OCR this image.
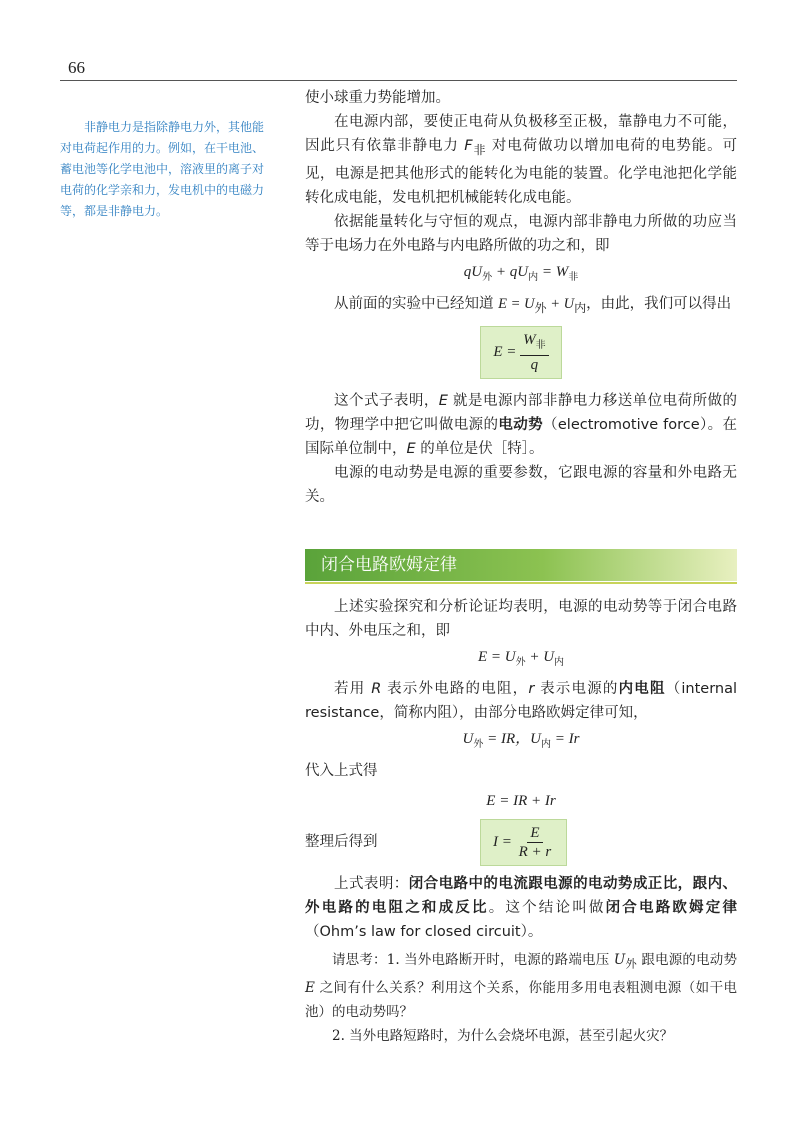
66
非静电力是指除静电力外，其他能对电荷起作用的力。例如，在干电池、蓄电池等化学电池中，溶液里的离子对电荷的化学亲和力，发电机中的电磁力等，都是非静电力。

使小球重力势能增加。

在电源内部，要使正电荷从负极移至正极，靠静电力不可能，因此只有依靠非静电力 $F_非$ 对电荷做功以增加电荷的电势能。可见，电源是把其他形式的能转化为电能的装置。化学电池把化学能转化成电能，发电机把机械能转化成电能。

依据能量转化与守恒的观点，电源内部非静电力所做的功应当等于电场力在外电路与内电路所做的功之和，即

$qU_外 + qU_内 = W_非$

从前面的实验中已经知道 $E = U_外 + U_内$，由此，我们可以得出

$E = \frac{W_非}{q}$

这个式子表明，E 就是电源内部非静电力移送单位电荷所做的功，物理学中把它叫做电源的电动势（electromotive force）。在国际单位制中，E 的单位是伏［特］。

电源的电动势是电源的重要参数，它跟电源的容量和外电路无关。

闭合电路欧姆定律

上述实验探究和分析论证均表明，电源的电动势等于闭合电路中内、外电压之和，即

$E = U_外 + U_内$

若用 R 表示外电路的电阻，r 表示电源的内电阻（internal resistance，简称内阻），由部分电路欧姆定律可知，

$U_外$ = IR，$U_内 = Ir$

代入上式得

E = IR + Ir
整理后得到	$I = \frac{E}{R + r}$

上式表明：闭合电路中的电流跟电源的电动势成正比，跟内、外电路的电阻之和成反比。这个结论叫做闭合电路欧姆定律（Ohm’s law for closed circuit）。

请思考：1. 当外电路断开时，电源的路端电压 $U_外$ 跟电源的电动势 E 之间有什么关系？利用这个关系，你能用多用电表粗测电源（如干电池）的电动势吗？

2. 当外电路短路时，为什么会烧坏电源，甚至引起火灾？
